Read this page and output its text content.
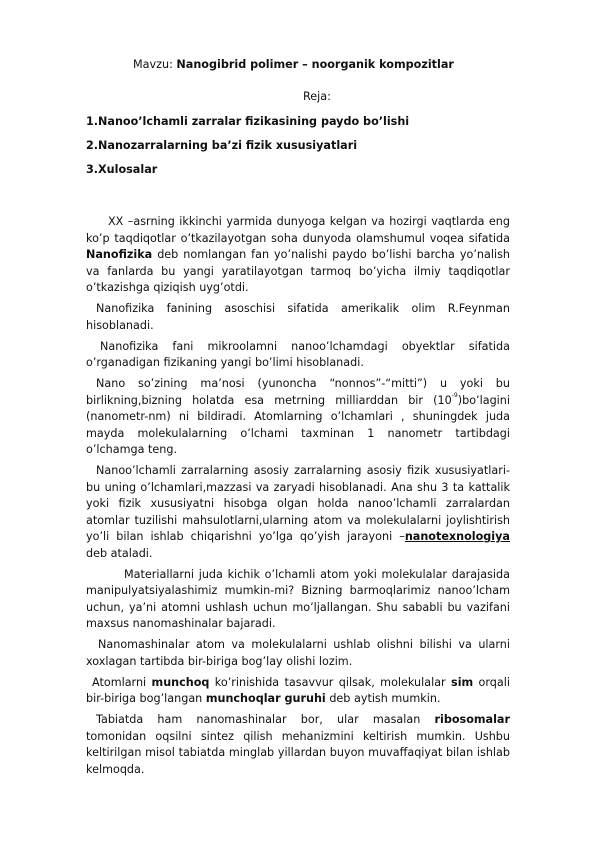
Mavzu: Nanogibrid polimer – noorganik kompozitlar
Reja:
1.Nanoo’lchamli zarralar fizikasining paydo bo’lishi
2.Nanozarralarning ba’zi fizik xususiyatlari
3.Xulosalar

XX –asrning ikkinchi yarmida dunyoga kelgan va hozirgi vaqtlarda eng ko’p taqdiqotlar o’tkazilayotgan soha dunyoda olamshumul voqea sifatida Nanofizika deb nomlangan fan yo’nalishi paydo bo’lishi barcha yo’nalish va fanlarda bu yangi yaratilayotgan tarmoq bo’yicha ilmiy taqdiqotlar o’tkazishga qiziqish uyg’otdi.

Nanofizika fanining asoschisi sifatida amerikalik olim R.Feynman hisoblanadi.

Nanofizika fani mikroolamni nanoo’lchamdagi obyektlar sifatida o’rganadigan fizikaning yangi bo’limi hisoblanadi.

Nano so’zining ma’nosi (yunoncha “nonnos”-“mitti”) u yoki bu birlikning,bizning holatda esa metrning milliarddan bir $(10^{-9})bo’lagini$ (nanometr-nm) ni bildiradi. Atomlarning o’lchamlari , shuningdek juda mayda molekulalarning o’lchami taxminan 1 nanometr tartibdagi o’lchamga teng.

Nanoo’lchamli zarralarning asosiy zarralarning asosiy fizik xususiyatlari-bu uning o’lchamlari,mazzasi va zaryadi hisoblanadi. Ana shu 3 ta kattalik yoki fizik xususiyatni hisobga olgan holda nanoo’lchamli zarralardan atomlar tuzilishi mahsulotlarni,ularning atom va molekulalarni joylishtirish yo’li bilan ishlab chiqarishni yo’lga qo’yish jarayoni –nanotexnologiya deb ataladi.

Materiallarni juda kichik o’lchamli atom yoki molekulalar darajasida manipulyatsiyalashimiz mumkin-mi? Bizning barmoqlarimiz nanoo’lcham uchun, ya’ni atomni ushlash uchun mo’ljallangan. Shu sababli bu vazifani maxsus nanomashinalar bajaradi.

Nanomashinalar atom va molekulalarni ushlab olishni bilishi va ularni xoxlagan tartibda bir-biriga bog’lay olishi lozim.

Atomlarni munchoq ko’rinishida tasavvur qilsak, molekulalar sim orqali bir-biriga bog’langan munchoqlar guruhi deb aytish mumkin.

Tabiatda ham nanomashinalar bor, ular masalan ribosomalar tomonidan oqsilni sintez qilish mehanizmini keltirish mumkin. Ushbu keltirilgan misol tabiatda minglab yillardan buyon muvaffaqiyat bilan ishlab kelmoqda.
